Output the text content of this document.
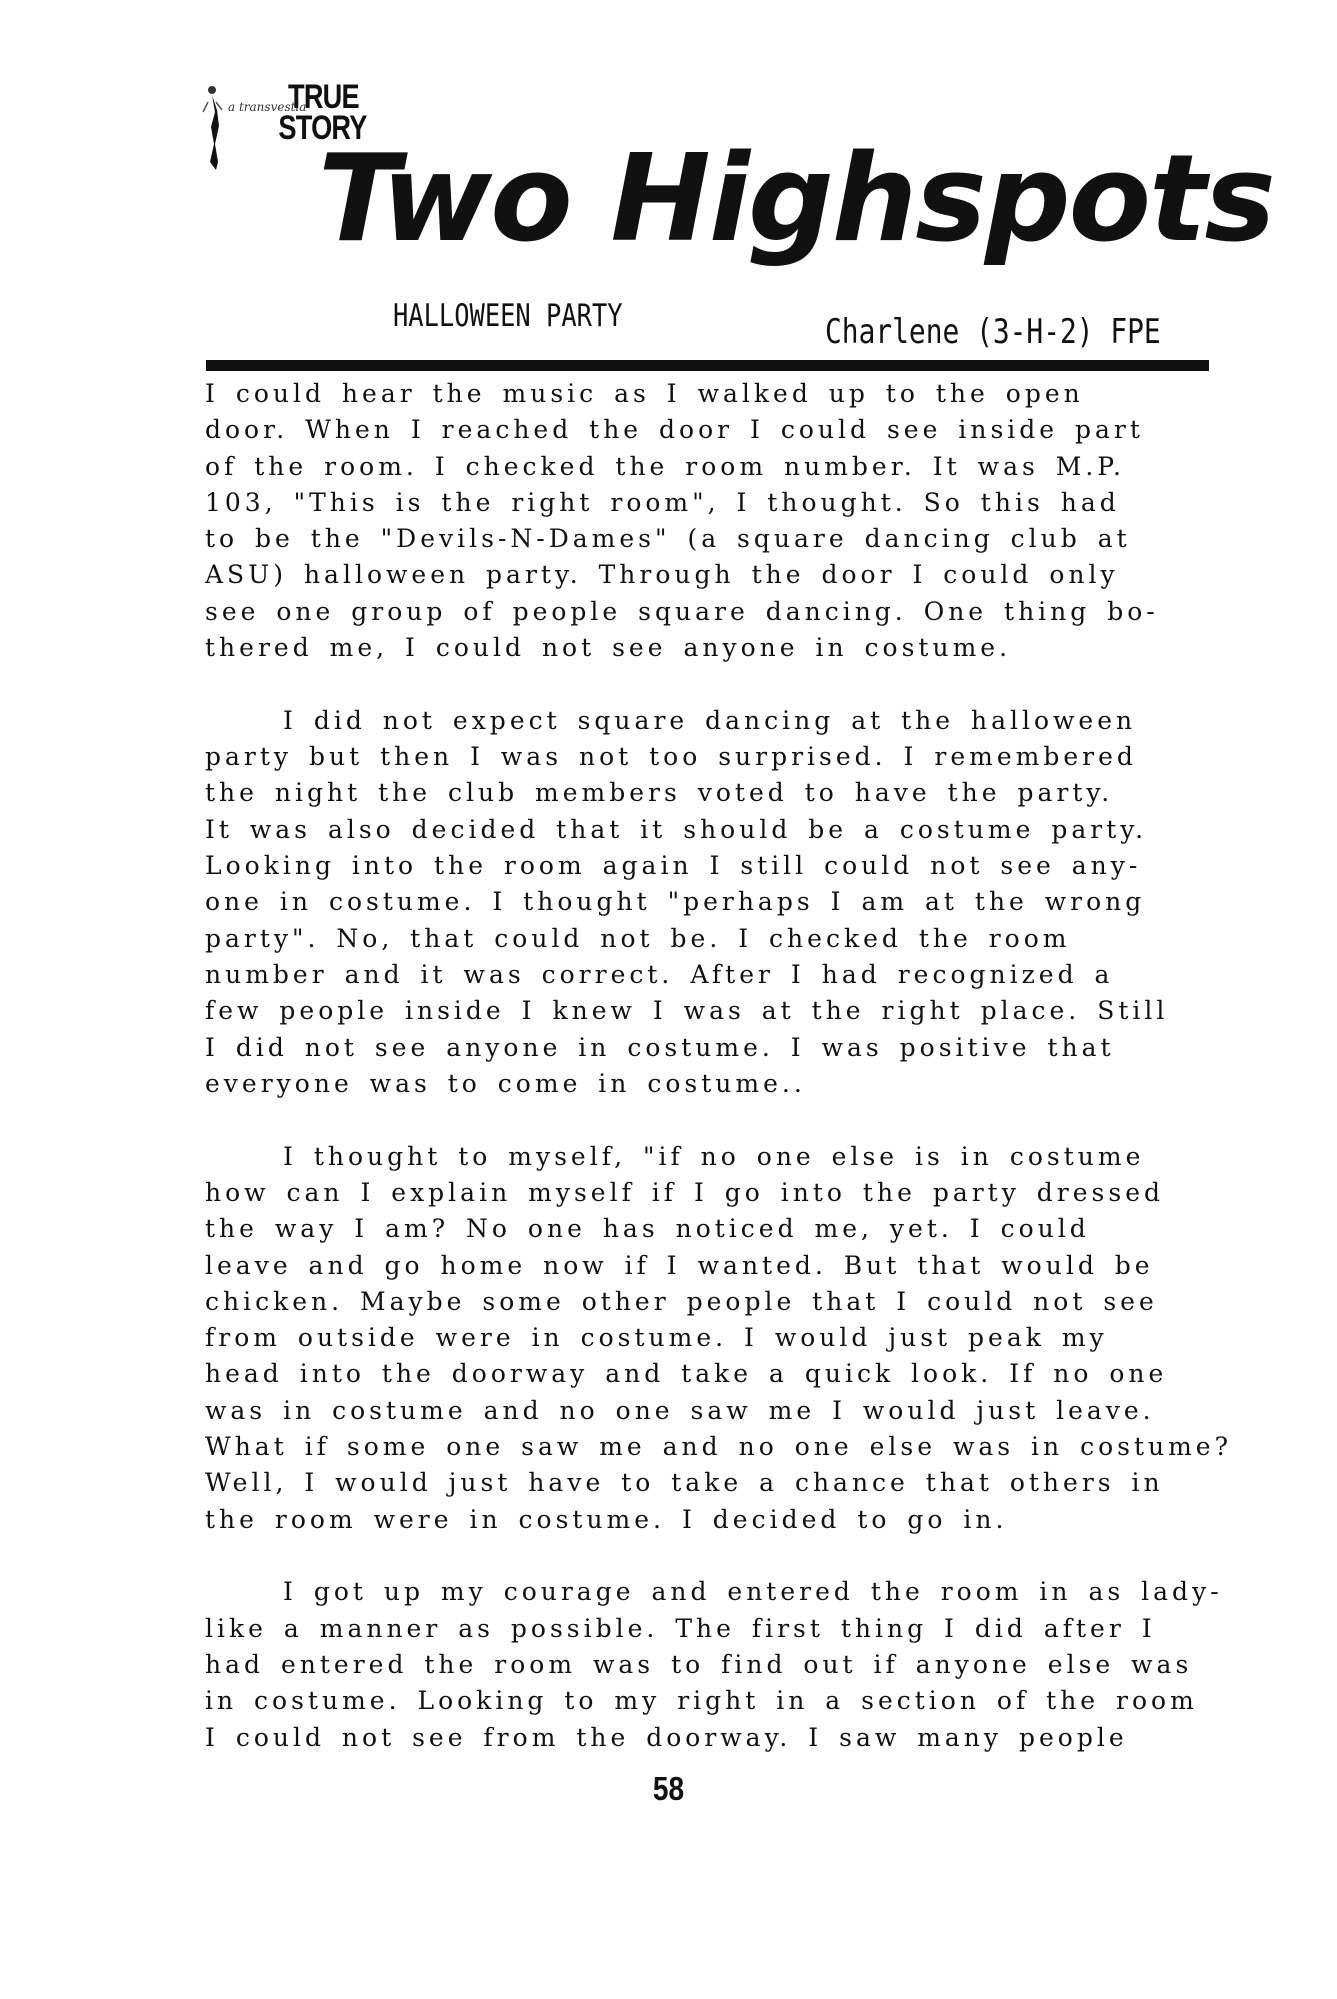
a transvestia
TRUE
STORY
Two Highspots
HALLOWEEN PARTY	Charlene (3-H-2) FPE

I could hear the music as I walked up to the open
door. When I reached the door I could see inside part
of the room. I checked the room number. It was M.P.
103, "This is the right room", I thought. So this had
to be the "Devils-N-Dames" (a square dancing club at
ASU) halloween party. Through the door I could only
see one group of people square dancing. One thing bo-
thered me, I could not see anyone in costume.

I did not expect square dancing at the halloween
party but then I was not too surprised. I remembered
the night the club members voted to have the party.
It was also decided that it should be a costume party.
Looking into the room again I still could not see any-
one in costume. I thought "perhaps I am at the wrong
party". No, that could not be. I checked the room
number and it was correct. After I had recognized a
few people inside I knew I was at the right place. Still
I did not see anyone in costume. I was positive that
everyone was to come in costume..

I thought to myself, "if no one else is in costume
how can I explain myself if I go into the party dressed
the way I am? No one has noticed me, yet. I could
leave and go home now if I wanted. But that would be
chicken. Maybe some other people that I could not see
from outside were in costume. I would just peak my
head into the doorway and take a quick look. If no one
was in costume and no one saw me I would just leave.
What if some one saw me and no one else was in costume?
Well, I would just have to take a chance that others in
the room were in costume. I decided to go in.

I got up my courage and entered the room in as lady-
like a manner as possible. The first thing I did after I
had entered the room was to find out if anyone else was
in costume. Looking to my right in a section of the room
I could not see from the doorway. I saw many people

58
